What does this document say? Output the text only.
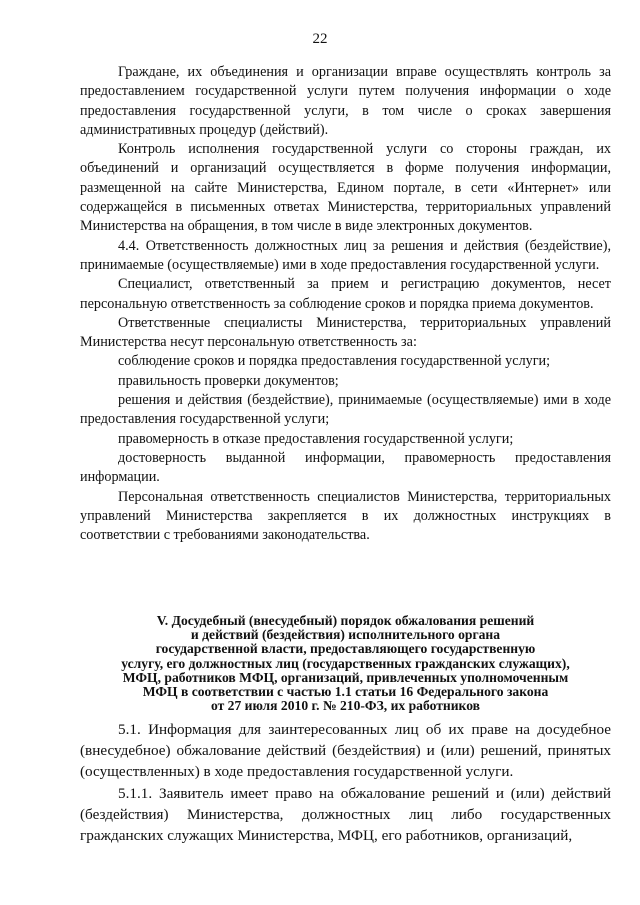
22

Граждане, их объединения и организации вправе осуществлять контроль за предоставлением государственной услуги путем получения информации о ходе предоставления государственной услуги, в том числе о сроках завершения административных процедур (действий).

Контроль исполнения государственной услуги со стороны граждан, их объединений и организаций осуществляется в форме получения информации, размещенной на сайте Министерства, Едином портале, в сети «Интернет» или содержащейся в письменных ответах Министерства, территориальных управлений Министерства на обращения, в том числе в виде электронных документов.

4.4. Ответственность должностных лиц за решения и действия (бездействие), принимаемые (осуществляемые) ими в ходе предоставления государственной услуги.

Специалист, ответственный за прием и регистрацию документов, несет персональную ответственность за соблюдение сроков и порядка приема документов.

Ответственные специалисты Министерства, территориальных управлений Министерства несут персональную ответственность за:

соблюдение сроков и порядка предоставления государственной услуги;

правильность проверки документов;

решения и действия (бездействие), принимаемые (осуществляемые) ими в ходе предоставления государственной услуги;

правомерность в отказе предоставления государственной услуги;

достоверность выданной информации, правомерность предоставления информации.

Персональная ответственность специалистов Министерства, территориальных управлений Министерства закрепляется в их должностных инструкциях в соответствии с требованиями законодательства.

V. Досудебный (внесудебный) порядок обжалования решений
и действий (бездействия) исполнительного органа
государственной власти, предоставляющего государственную
услугу, его должностных лиц (государственных гражданских служащих),
МФЦ, работников МФЦ, организаций, привлеченных уполномоченным
МФЦ в соответствии с частью 1.1 статьи 16 Федерального закона
от 27 июля 2010 г. № 210-ФЗ, их работников

5.1. Информация для заинтересованных лиц об их праве на досудебное (внесудебное) обжалование действий (бездействия) и (или) решений, принятых (осуществленных) в ходе предоставления государственной услуги.

5.1.1. Заявитель имеет право на обжалование решений и (или) действий (бездействия) Министерства, должностных лиц либо государственных гражданских служащих Министерства, МФЦ, его работников, организаций,
